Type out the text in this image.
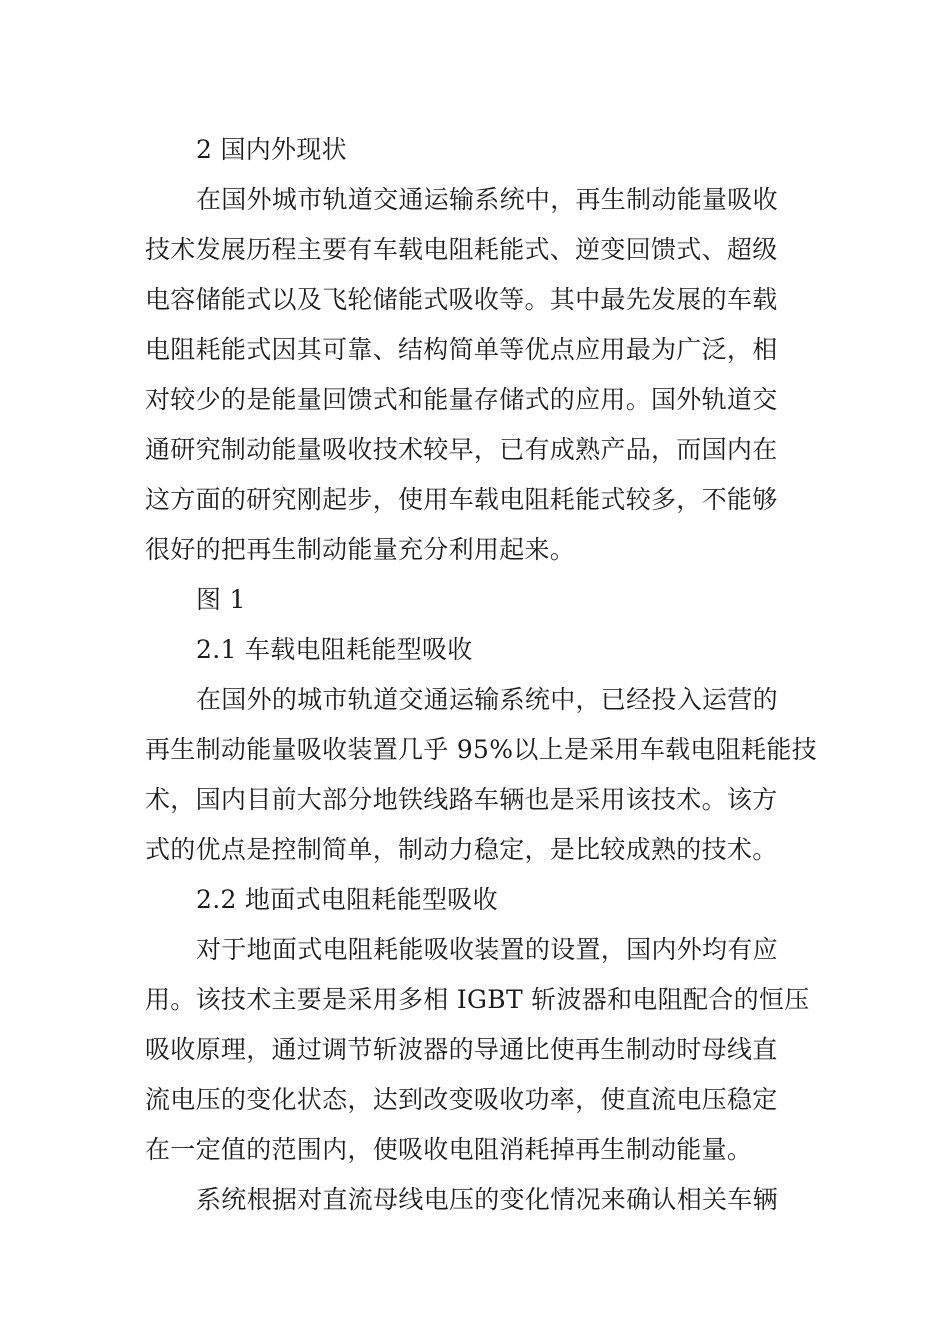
2 国内外现状
在国外城市轨道交通运输系统中，再生制动能量吸收
技术发展历程主要有车载电阻耗能式、逆变回馈式、超级
电容储能式以及飞轮储能式吸收等。其中最先发展的车载
电阻耗能式因其可靠、结构简单等优点应用最为广泛，相
对较少的是能量回馈式和能量存储式的应用。国外轨道交
通研究制动能量吸收技术较早，已有成熟产品，而国内在
这方面的研究刚起步，使用车载电阻耗能式较多，不能够
很好的把再生制动能量充分利用起来。
图 1
2.1 车载电阻耗能型吸收
在国外的城市轨道交通运输系统中，已经投入运营的
再生制动能量吸收装置几乎 95%以上是采用车载电阻耗能技
术，国内目前大部分地铁线路车辆也是采用该技术。该方
式的优点是控制简单，制动力稳定，是比较成熟的技术。
2.2 地面式电阻耗能型吸收
对于地面式电阻耗能吸收装置的设置，国内外均有应
用。该技术主要是采用多相 IGBT 斩波器和电阻配合的恒压
吸收原理，通过调节斩波器的导通比使再生制动时母线直
流电压的变化状态，达到改变吸收功率，使直流电压稳定
在一定值的范围内，使吸收电阻消耗掉再生制动能量。
系统根据对直流母线电压的变化情况来确认相关车辆
